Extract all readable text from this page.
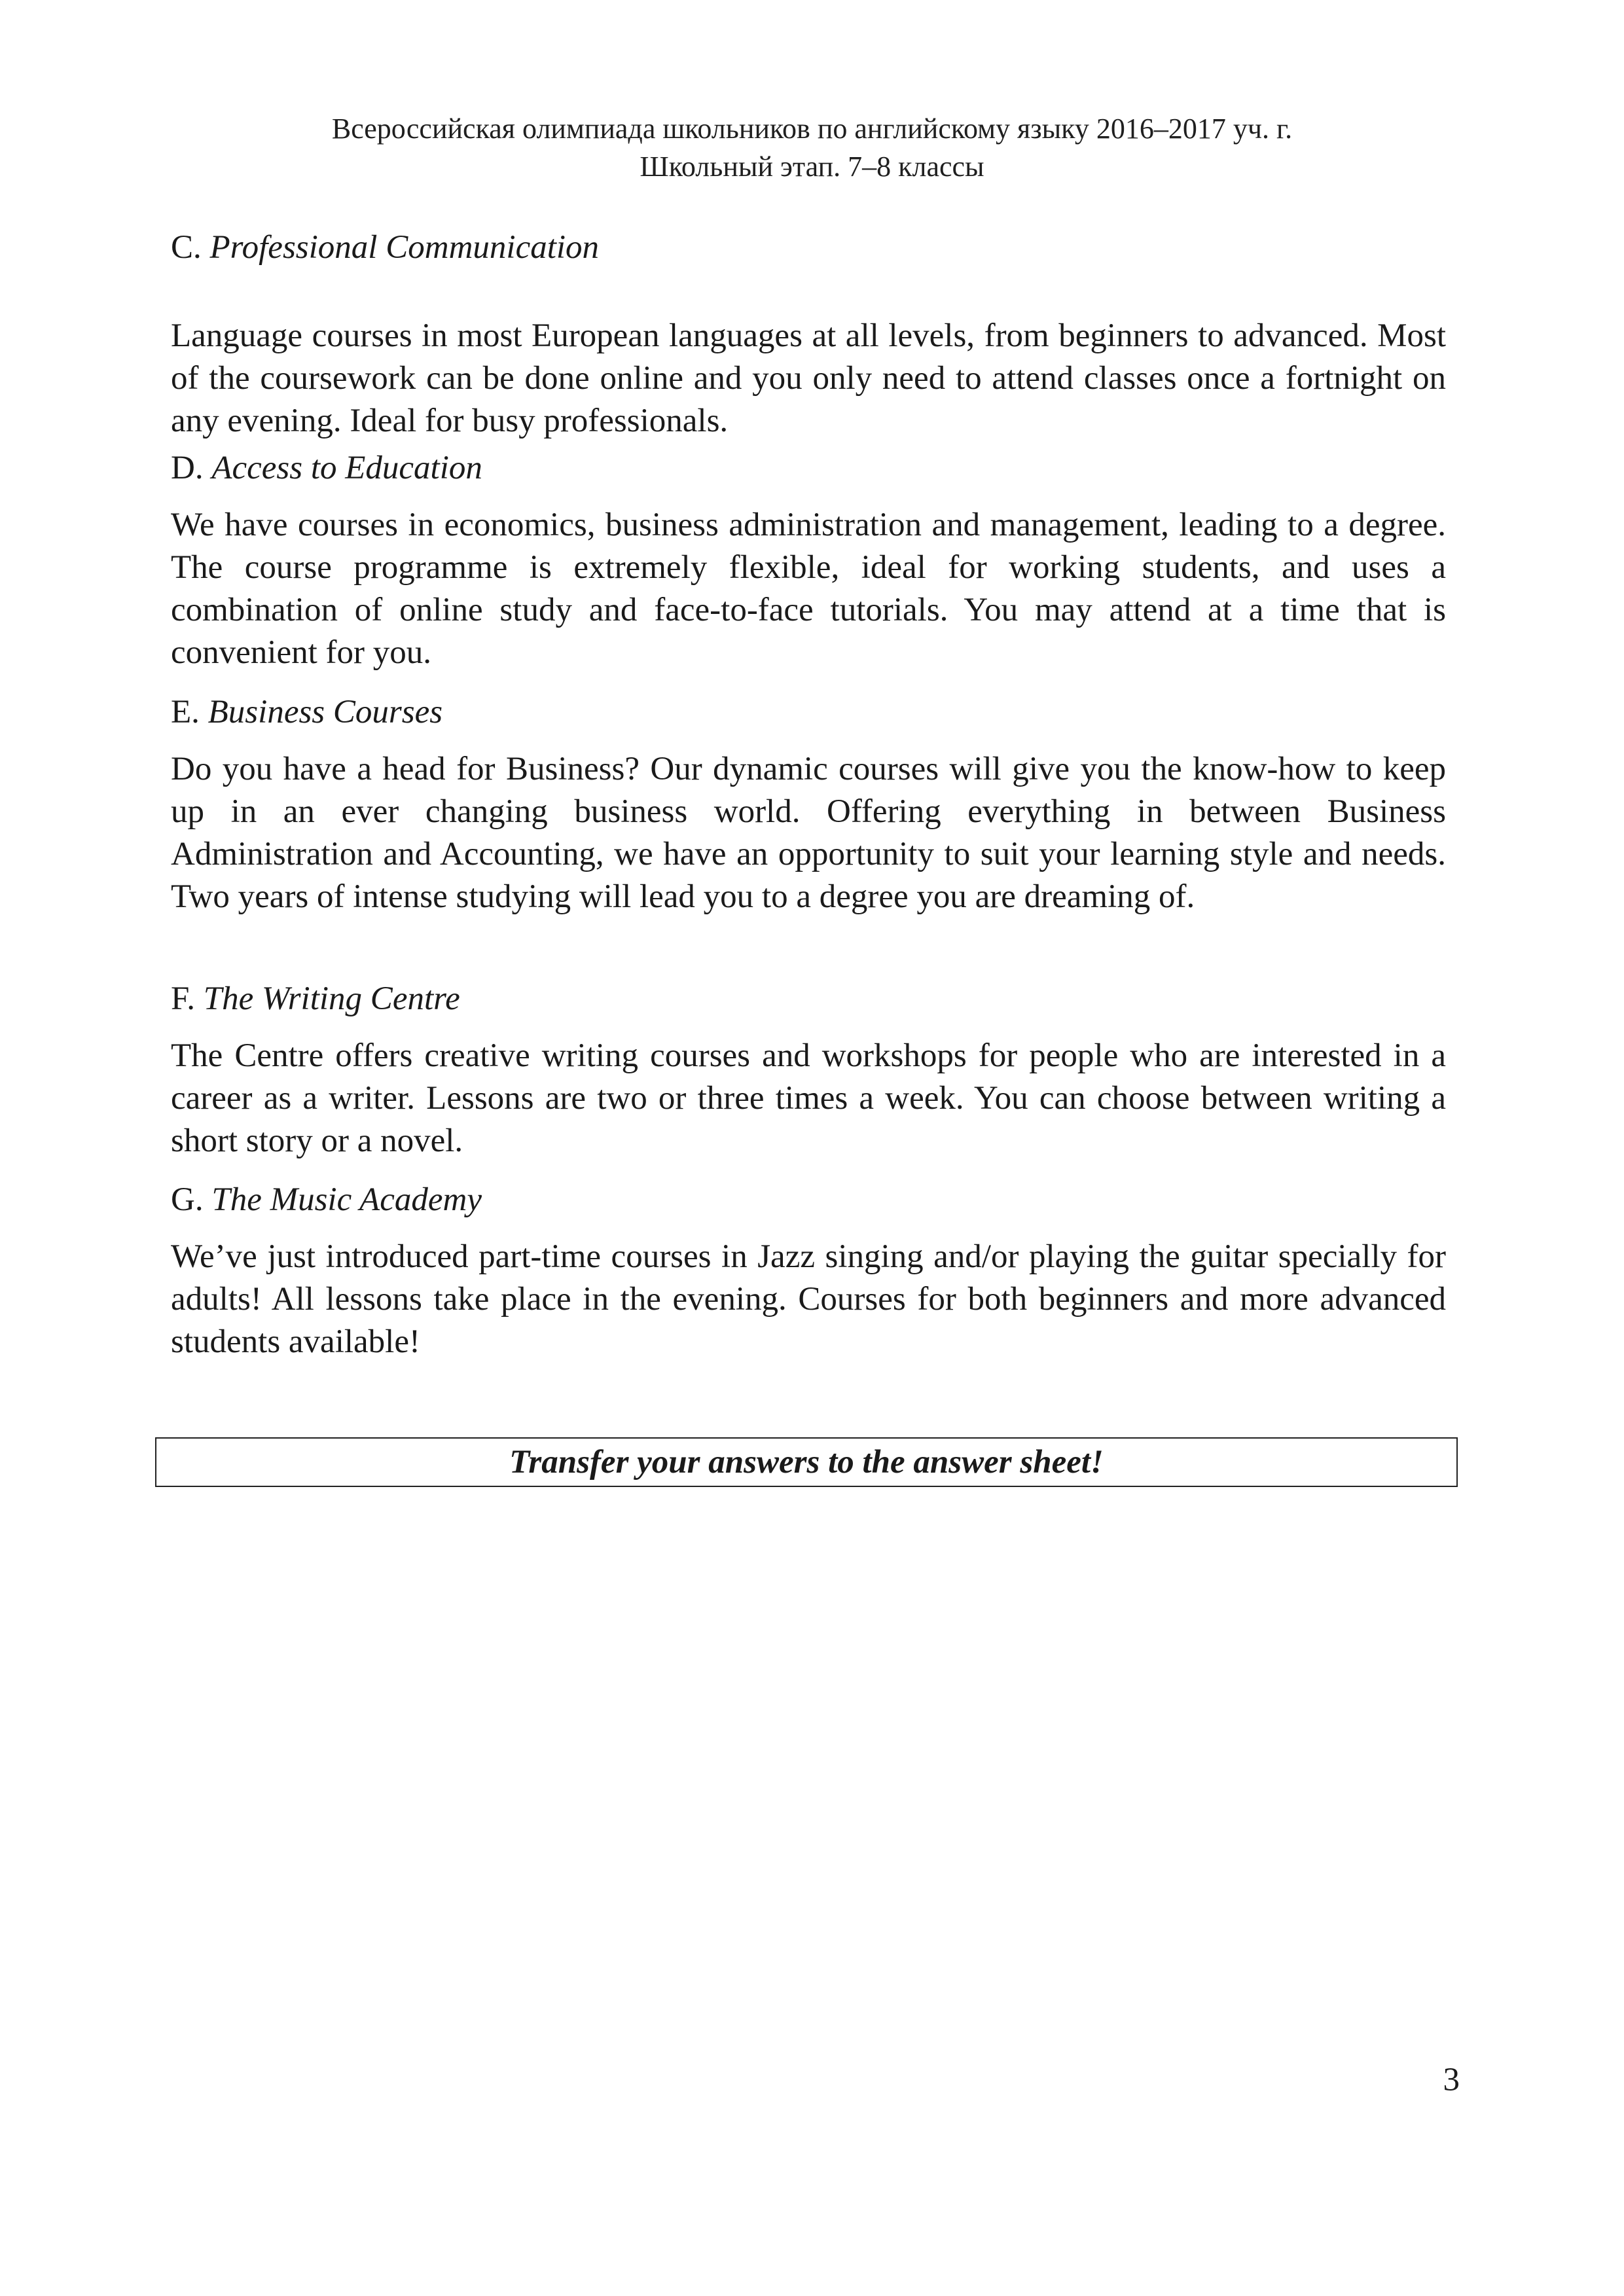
Всероссийская олимпиада школьников по английскому языку 2016–2017 уч. г.
Школьный этап. 7–8 классы
C. Professional Communication
Language courses in most European languages at all levels, from beginners to advanced. Most of the coursework can be done online and you only need to attend classes once a fortnight on any evening. Ideal for busy professionals.
D. Access to Education
We have courses in economics, business administration and management, leading to a degree. The course programme is extremely flexible, ideal for working students, and uses a combination of online study and face-to-face tutorials. You may attend at a time that is convenient for you.
E. Business Courses
Do you have a head for Business? Our dynamic courses will give you the know-how to keep up in an ever changing business world. Offering everything in between Business Administration and Accounting, we have an opportunity to suit your learning style and needs. Two years of intense studying will lead you to a degree you are dreaming of.
F. The Writing Centre
The Centre offers creative writing courses and workshops for people who are interested in a career as a writer. Lessons are two or three times a week. You can choose between writing a short story or a novel.
G. The Music Academy
We’ve just introduced part-time courses in Jazz singing and/or playing the guitar specially for adults! All lessons take place in the evening. Courses for both beginners and more advanced students available!
Transfer your answers to the answer sheet!
3
